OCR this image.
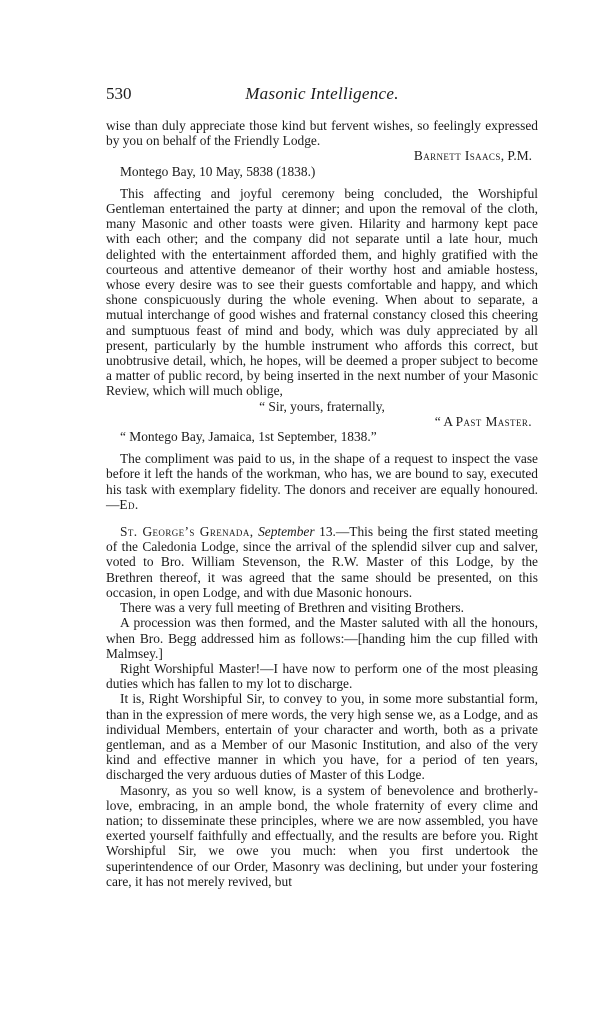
530	Masonic Intelligence.

wise than duly appreciate those kind but fervent wishes, so feelingly expressed by you on behalf of the Friendly Lodge.

Barnett Isaacs, P.M.

Montego Bay, 10 May, 5838 (1838.)

This affecting and joyful ceremony being concluded, the Worshipful Gentleman entertained the party at dinner; and upon the removal of the cloth, many Masonic and other toasts were given. Hilarity and harmony kept pace with each other; and the company did not separate until a late hour, much delighted with the entertainment afforded them, and highly gratified with the courteous and attentive demeanor of their worthy host and amiable hostess, whose every desire was to see their guests comfortable and happy, and which shone conspicuously during the whole evening. When about to separate, a mutual interchange of good wishes and fraternal constancy closed this cheering and sumptuous feast of mind and body, which was duly appreciated by all present, particularly by the humble instrument who affords this correct, but unobtrusive detail, which, he hopes, will be deemed a proper subject to become a matter of public record, by being inserted in the next number of your Masonic Review, which will much oblige,

“ Sir, yours, fraternally,

“ A Past Master.

“ Montego Bay, Jamaica, 1st September, 1838.”

The compliment was paid to us, in the shape of a request to inspect the vase before it left the hands of the workman, who has, we are bound to say, executed his task with exemplary fidelity. The donors and receiver are equally honoured.—Ed.

St. George’s Grenada, September 13.—This being the first stated meeting of the Caledonia Lodge, since the arrival of the splendid silver cup and salver, voted to Bro. William Stevenson, the R.W. Master of this Lodge, by the Brethren thereof, it was agreed that the same should be presented, on this occasion, in open Lodge, and with due Masonic honours.

There was a very full meeting of Brethren and visiting Brothers.

A procession was then formed, and the Master saluted with all the honours, when Bro. Begg addressed him as follows:—[handing him the cup filled with Malmsey.]

Right Worshipful Master!—I have now to perform one of the most pleasing duties which has fallen to my lot to discharge.

It is, Right Worshipful Sir, to convey to you, in some more substantial form, than in the expression of mere words, the very high sense we, as a Lodge, and as individual Members, entertain of your character and worth, both as a private gentleman, and as a Member of our Masonic Institution, and also of the very kind and effective manner in which you have, for a period of ten years, discharged the very arduous duties of Master of this Lodge.

Masonry, as you so well know, is a system of benevolence and brotherly-love, embracing, in an ample bond, the whole fraternity of every clime and nation; to disseminate these principles, where we are now assembled, you have exerted yourself faithfully and effectually, and the results are before you. Right Worshipful Sir, we owe you much: when you first undertook the superintendence of our Order, Masonry was declining, but under your fostering care, it has not merely revived, but
